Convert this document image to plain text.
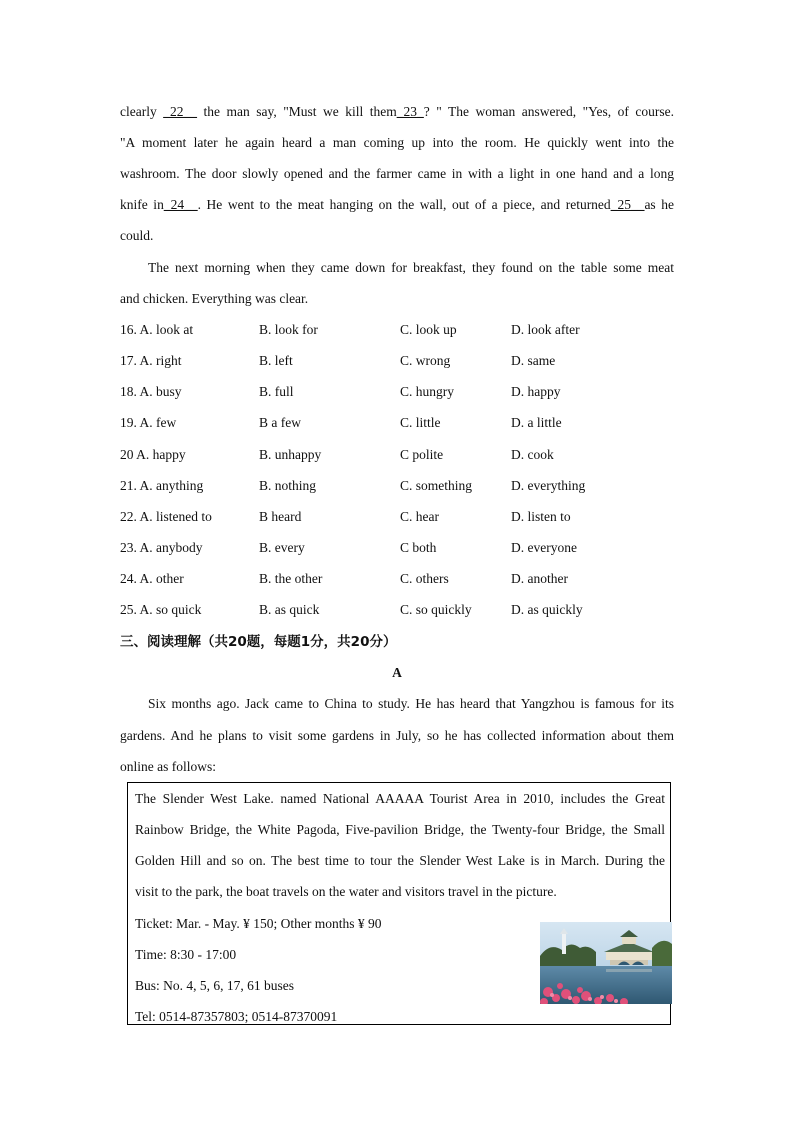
clearly _22__ the man say, "Must we kill them_23_? " The woman answered, "Yes, of course.
"A moment later he again heard a man coming up into the room. He quickly went into the
washroom. The door slowly opened and the farmer came in with a light in one hand and a long
knife in_24__. He went to the meat hanging on the wall, out of a piece, and returned_25__as he
could.
The next morning when they came down for breakfast, they found on the table some meat
and chicken. Everything was clear.
16. A. look at	B. look for	C. look up	D. look after
17. A. right	B. left	C. wrong	D. same
18. A. busy	B. full	C. hungry	D. happy
19. A. few	B a few	C. little	D. a little
20 A. happy	B. unhappy	C polite	D. cook
21. A. anything	B. nothing	C. something	D. everything
22. A. listened to	B heard	C. hear	D. listen to
23. A. anybody	B. every	C both	D. everyone
24. A. other	B. the other	C. others	D. another
25. A. so quick	B. as quick	C. so quickly	D. as quickly
三、阅读理解（共20题，每题1分，共20分）
A
Six months ago. Jack came to China to study. He has heard that Yangzhou is famous for its
gardens. And he plans to visit some gardens in July, so he has collected information about them
online as follows:
The Slender West Lake. named National AAAAA Tourist Area in 2010, includes the Great
Rainbow Bridge, the White Pagoda, Five-pavilion Bridge, the Twenty-four Bridge, the Small
Golden Hill and so on. The best time to tour the Slender West Lake is in March. During the
visit to the park, the boat travels on the water and visitors travel in the picture.
Ticket: Mar. - May. ¥ 150; Other months ¥ 90
Time: 8:30 - 17:00
Bus: No. 4, 5, 6, 17, 61 buses
Tel: 0514-87357803; 0514-87370091
